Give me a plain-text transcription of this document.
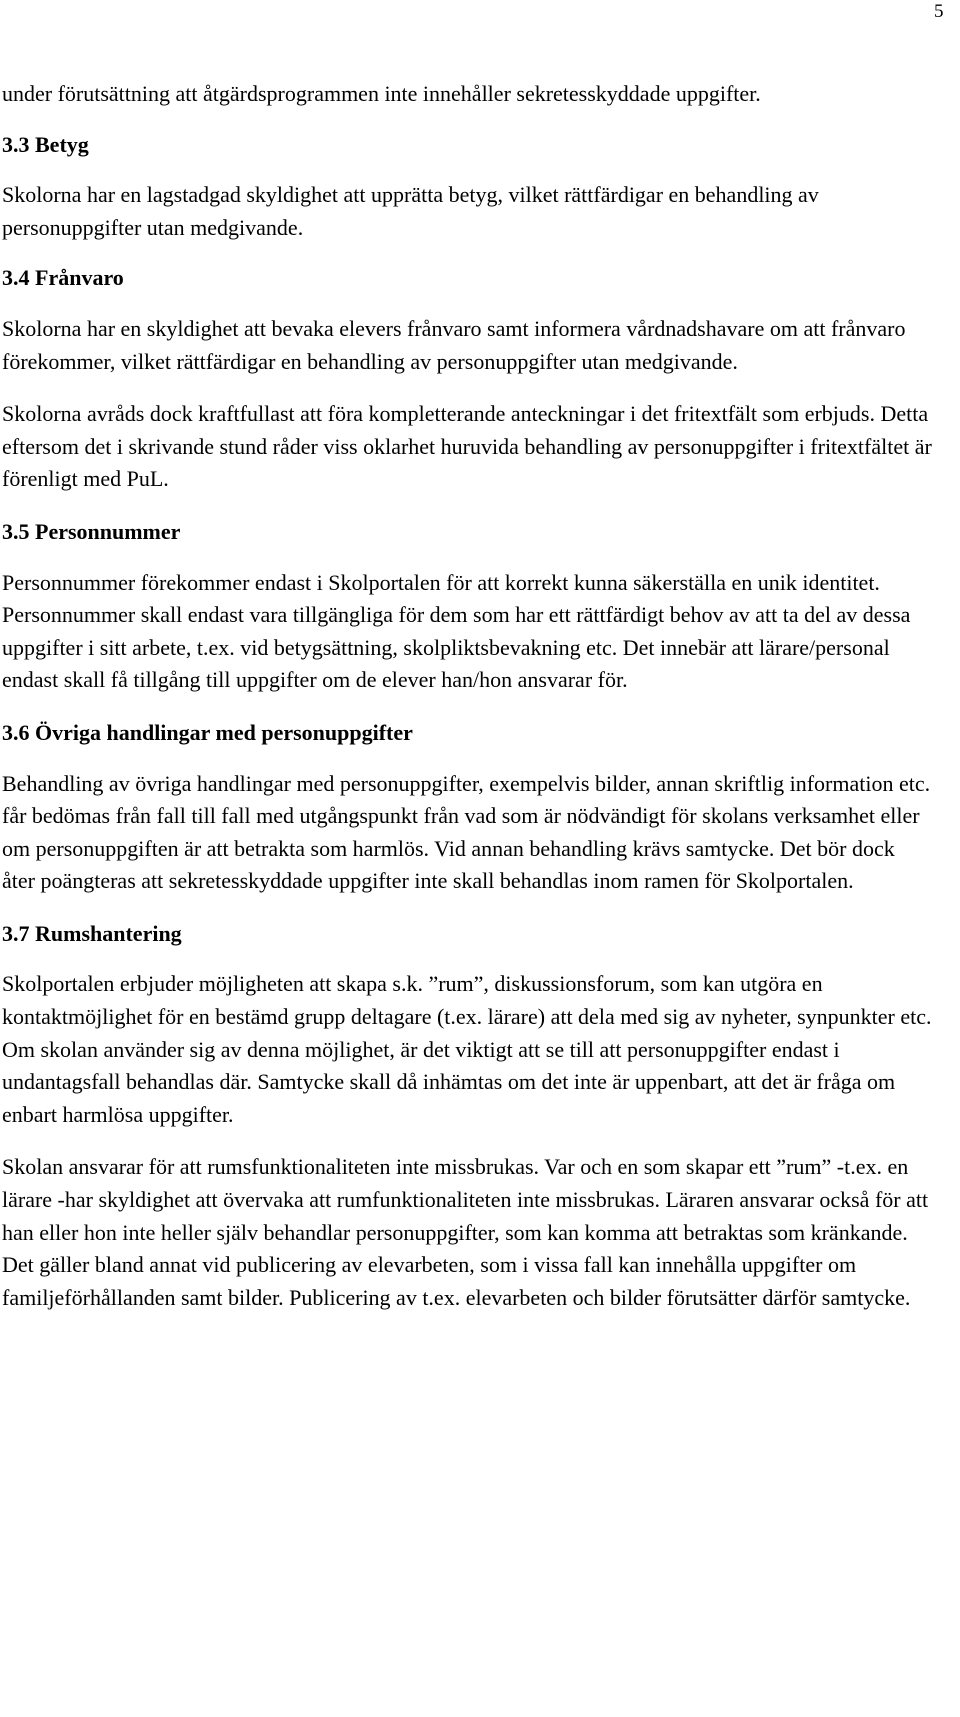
5

under förutsättning att åtgärdsprogrammen inte innehåller sekretesskyddade uppgifter.

3.3 Betyg

Skolorna har en lagstadgad skyldighet att upprätta betyg, vilket rättfärdigar en behandling av personuppgifter utan medgivande.

3.4 Frånvaro

Skolorna har en skyldighet att bevaka elevers frånvaro samt informera vårdnadshavare om att frånvaro förekommer, vilket rättfärdigar en behandling av personuppgifter utan medgivande.

Skolorna avråds dock kraftfullast att föra kompletterande anteckningar i det fritextfält som erbjuds. Detta eftersom det i skrivande stund råder viss oklarhet huruvida behandling av personuppgifter i fritextfältet är förenligt med PuL.

3.5 Personnummer

Personnummer förekommer endast i Skolportalen för att korrekt kunna säkerställa en unik identitet. Personnummer skall endast vara tillgängliga för dem som har ett rättfärdigt behov av att ta del av dessa uppgifter i sitt arbete, t.ex. vid betygsättning, skolpliktsbevakning etc. Det innebär att lärare/personal endast skall få tillgång till uppgifter om de elever han/hon ansvarar för.

3.6 Övriga handlingar med personuppgifter

Behandling av övriga handlingar med personuppgifter, exempelvis bilder, annan skriftlig information etc. får bedömas från fall till fall med utgångspunkt från vad som är nödvändigt för skolans verksamhet eller om personuppgiften är att betrakta som harmlös. Vid annan behandling krävs samtycke. Det bör dock åter poängteras att sekretesskyddade uppgifter inte skall behandlas inom ramen för Skolportalen.

3.7 Rumshantering

Skolportalen erbjuder möjligheten att skapa s.k. ”rum”, diskussionsforum, som kan utgöra en kontaktmöjlighet för en bestämd grupp deltagare (t.ex. lärare) att dela med sig av nyheter, synpunkter etc. Om skolan använder sig av denna möjlighet, är det viktigt att se till att personuppgifter endast i undantagsfall behandlas där. Samtycke skall då inhämtas om det inte är uppenbart, att det är fråga om enbart harmlösa uppgifter.

Skolan ansvarar för att rumsfunktionaliteten inte missbrukas. Var och en som skapar ett ”rum” -t.ex. en lärare -har skyldighet att övervaka att rumfunktionaliteten inte missbrukas. Läraren ansvarar också för att han eller hon inte heller själv behandlar personuppgifter, som kan komma att betraktas som kränkande. Det gäller bland annat vid publicering av elevarbeten, som i vissa fall kan innehålla uppgifter om familjeförhållanden samt bilder. Publicering av t.ex. elevarbeten och bilder förutsätter därför samtycke.
